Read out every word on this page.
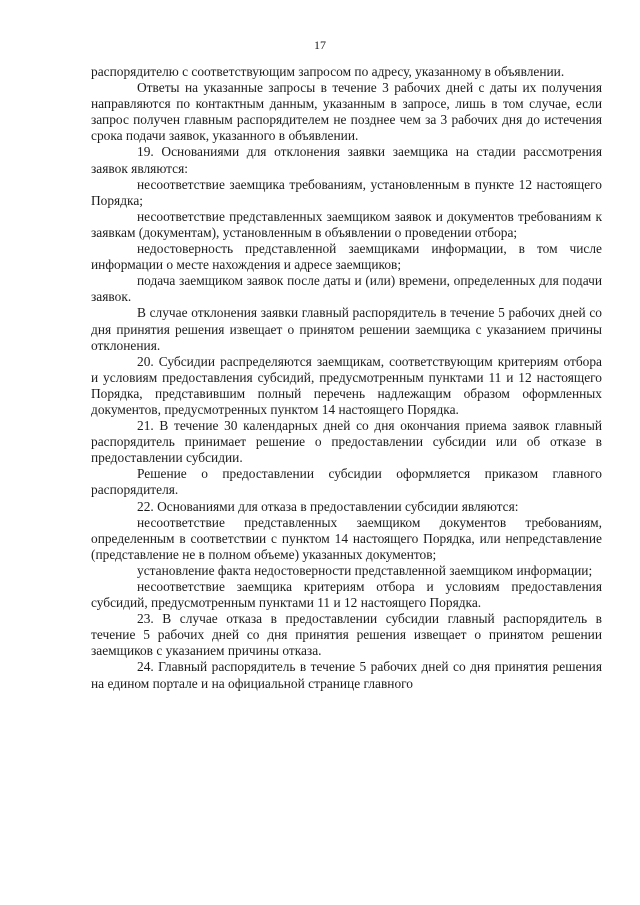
17

распорядителю с соответствующим запросом по адресу, указанному в объявлении.

Ответы на указанные запросы в течение 3 рабочих дней с даты их получения направляются по контактным данным, указанным в запросе, лишь в том случае, если запрос получен главным распорядителем не позднее чем за 3 рабочих дня до истечения срока подачи заявок, указанного в объявлении.

19. Основаниями для отклонения заявки заемщика на стадии рассмотрения заявок являются:

несоответствие заемщика требованиям, установленным в пункте 12 настоящего Порядка;

несоответствие представленных заемщиком заявок и документов требованиям к заявкам (документам), установленным в объявлении о проведении отбора;

недостоверность представленной заемщиками информации, в том числе информации о месте нахождения и адресе заемщиков;

подача заемщиком заявок после даты и (или) времени, определенных для подачи заявок.

В случае отклонения заявки главный распорядитель в течение 5 рабочих дней со дня принятия решения извещает о принятом решении заемщика с указанием причины отклонения.

20. Субсидии распределяются заемщикам, соответствующим критериям отбора и условиям предоставления субсидий, предусмотренным пунктами 11 и 12 настоящего Порядка, представившим полный перечень надлежащим образом оформленных документов, предусмотренных пунктом 14 настоящего Порядка.

21. В течение 30 календарных дней со дня окончания приема заявок главный распорядитель принимает решение о предоставлении субсидии или об отказе в предоставлении субсидии.

Решение о предоставлении субсидии оформляется приказом главного распорядителя.

22. Основаниями для отказа в предоставлении субсидии являются:

несоответствие представленных заемщиком документов требованиям, определенным в соответствии с пунктом 14 настоящего Порядка, или непредставление (представление не в полном объеме) указанных документов;

установление факта недостоверности представленной заемщиком информации;

несоответствие заемщика критериям отбора и условиям предоставления субсидий, предусмотренным пунктами 11 и 12 настоящего Порядка.

23. В случае отказа в предоставлении субсидии главный распорядитель в течение 5 рабочих дней со дня принятия решения извещает о принятом решении заемщиков с указанием причины отказа.

24. Главный распорядитель в течение 5 рабочих дней со дня принятия решения на едином портале и на официальной странице главного
